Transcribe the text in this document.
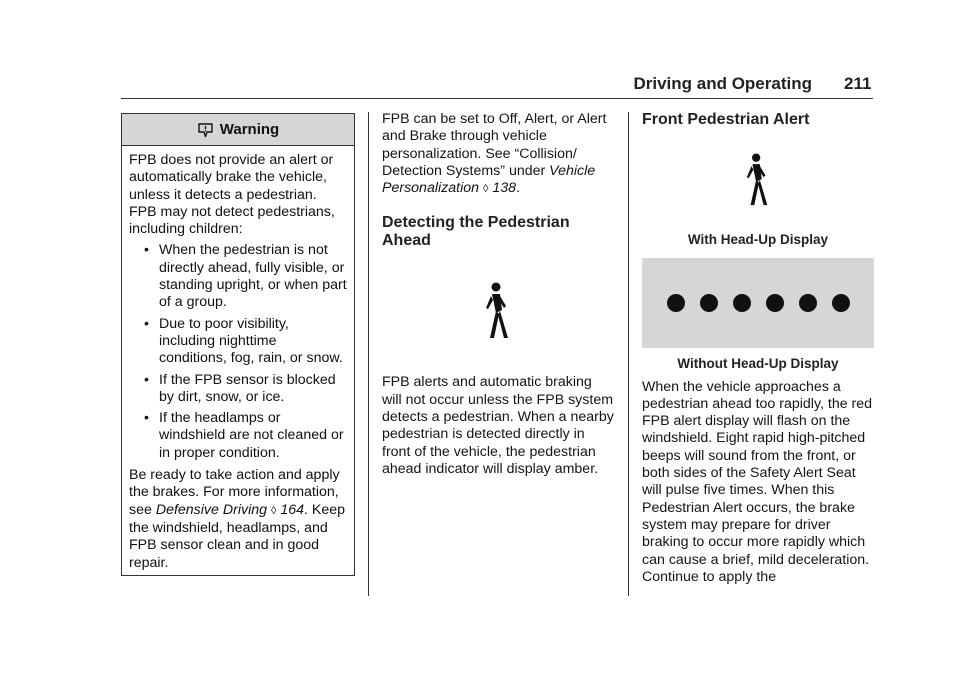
Driving and Operating 211
Warning

FPB does not provide an alert or automatically brake the vehicle, unless it detects a pedestrian. FPB may not detect pedestrians, including children:

• When the pedestrian is not directly ahead, fully visible, or standing upright, or when part of a group.
• Due to poor visibility, including nighttime conditions, fog, rain, or snow.
• If the FPB sensor is blocked by dirt, snow, or ice.
• If the headlamps or windshield are not cleaned or in proper condition.

Be ready to take action and apply the brakes. For more information, see Defensive Driving ◊ 164. Keep the windshield, headlamps, and FPB sensor clean and in good repair.

FPB can be set to Off, Alert, or Alert and Brake through vehicle personalization. See “Collision/ Detection Systems” under Vehicle Personalization ◊ 138.

Detecting the Pedestrian Ahead

FPB alerts and automatic braking will not occur unless the FPB system detects a pedestrian. When a nearby pedestrian is detected directly in front of the vehicle, the pedestrian ahead indicator will display amber.

Front Pedestrian Alert
With Head-Up Display
Without Head-Up Display

When the vehicle approaches a pedestrian ahead too rapidly, the red FPB alert display will flash on the windshield. Eight rapid high-pitched beeps will sound from the front, or both sides of the Safety Alert Seat will pulse five times. When this Pedestrian Alert occurs, the brake system may prepare for driver braking to occur more rapidly which can cause a brief, mild deceleration. Continue to apply the
